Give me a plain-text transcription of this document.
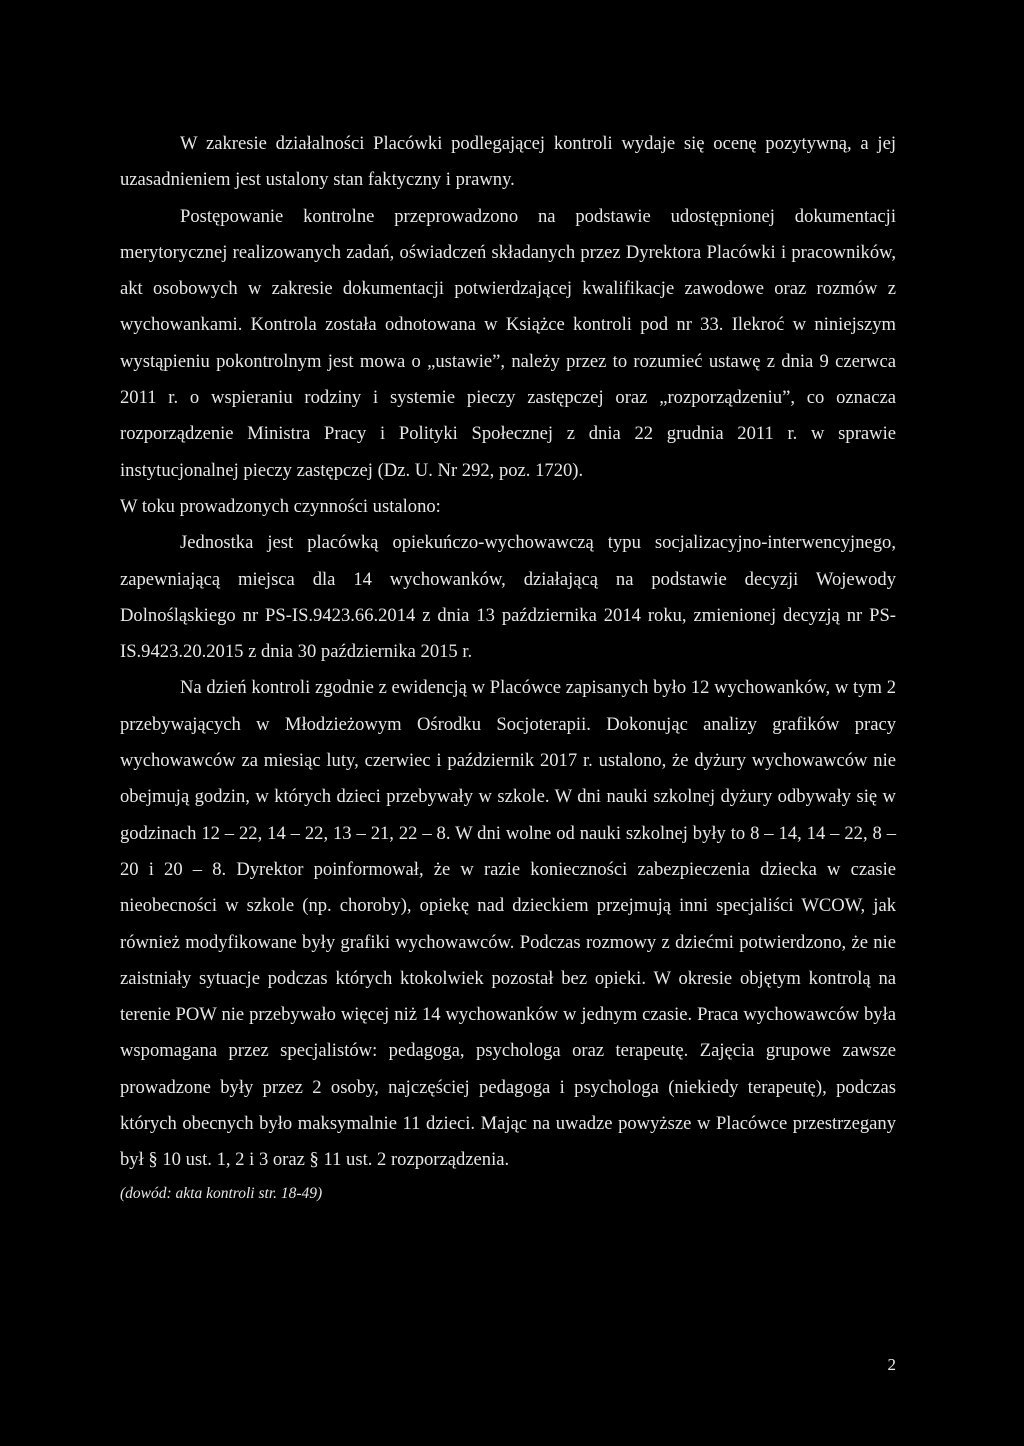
W zakresie działalności Placówki podlegającej kontroli wydaje się ocenę pozytywną, a jej uzasadnieniem jest ustalony stan faktyczny i prawny.

Postępowanie kontrolne przeprowadzono na podstawie udostępnionej dokumentacji merytorycznej realizowanych zadań, oświadczeń składanych przez Dyrektora Placówki i pracowników, akt osobowych w zakresie dokumentacji potwierdzającej kwalifikacje zawodowe oraz rozmów z wychowankami. Kontrola została odnotowana w Książce kontroli pod nr 33. Ilekroć w niniejszym wystąpieniu pokontrolnym jest mowa o „ustawie”, należy przez to rozumieć ustawę z dnia 9 czerwca 2011 r. o wspieraniu rodziny i systemie pieczy zastępczej oraz „rozporządzeniu”, co oznacza rozporządzenie Ministra Pracy i Polityki Społecznej z dnia 22 grudnia 2011 r. w sprawie instytucjonalnej pieczy zastępczej (Dz. U. Nr 292, poz. 1720).

W toku prowadzonych czynności ustalono:

Jednostka jest placówką opiekuńczo-wychowawczą typu socjalizacyjno-interwencyjnego, zapewniającą miejsca dla 14 wychowanków, działającą na podstawie decyzji Wojewody Dolnośląskiego nr PS-IS.9423.66.2014 z dnia 13 października 2014 roku, zmienionej decyzją nr PS-IS.9423.20.2015 z dnia 30 października 2015 r.

Na dzień kontroli zgodnie z ewidencją w Placówce zapisanych było 12 wychowanków, w tym 2 przebywających w Młodzieżowym Ośrodku Socjoterapii. Dokonując analizy grafików pracy wychowawców za miesiąc luty, czerwiec i październik 2017 r. ustalono, że dyżury wychowawców nie obejmują godzin, w których dzieci przebywały w szkole. W dni nauki szkolnej dyżury odbywały się w godzinach 12 – 22, 14 – 22, 13 – 21, 22 – 8. W dni wolne od nauki szkolnej były to 8 – 14, 14 – 22, 8 – 20 i 20 – 8. Dyrektor poinformował, że w razie konieczności zabezpieczenia dziecka w czasie nieobecności w szkole (np. choroby), opiekę nad dzieckiem przejmują inni specjaliści WCOW, jak również modyfikowane były grafiki wychowawców. Podczas rozmowy z dziećmi potwierdzono, że nie zaistniały sytuacje podczas których ktokolwiek pozostał bez opieki. W okresie objętym kontrolą na terenie POW nie przebywało więcej niż 14 wychowanków w jednym czasie. Praca wychowawców była wspomagana przez specjalistów: pedagoga, psychologa oraz terapeutę. Zajęcia grupowe zawsze prowadzone były przez 2 osoby, najczęściej pedagoga i psychologa (niekiedy terapeutę), podczas których obecnych było maksymalnie 11 dzieci. Mając na uwadze powyższe w Placówce przestrzegany był § 10 ust. 1, 2 i 3 oraz § 11 ust. 2 rozporządzenia.

(dowód: akta kontroli str. 18-49)

2
